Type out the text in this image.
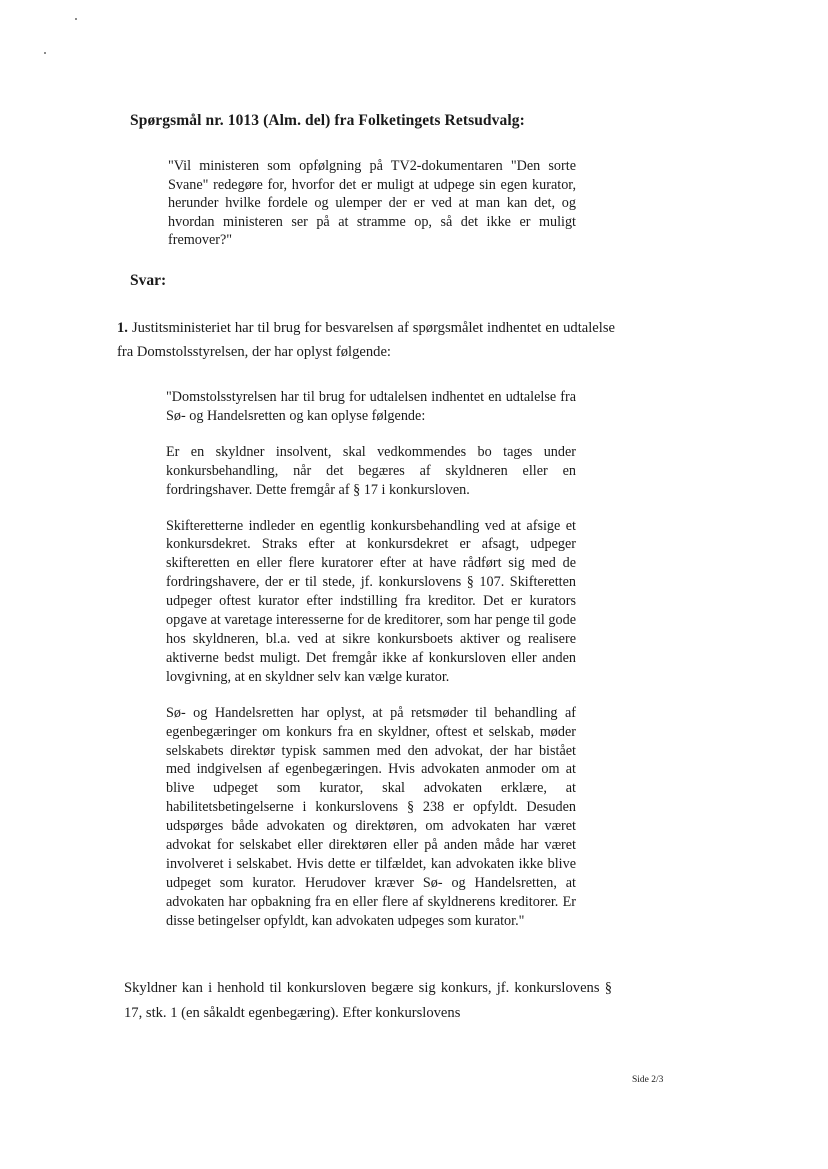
Spørgsmål nr. 1013 (Alm. del) fra Folketingets Retsudvalg:
"Vil ministeren som opfølgning på TV2-dokumentaren "Den sorte Svane" redegøre for, hvorfor det er muligt at udpege sin egen kurator, herunder hvilke fordele og ulemper der er ved at man kan det, og hvordan ministeren ser på at stramme op, så det ikke er muligt fremover?"
Svar:
1. Justitsministeriet har til brug for besvarelsen af spørgsmålet indhentet en udtalelse fra Domstolsstyrelsen, der har oplyst følgende:

"Domstolsstyrelsen har til brug for udtalelsen indhentet en udtalelse fra Sø- og Handelsretten og kan oplyse følgende:

Er en skyldner insolvent, skal vedkommendes bo tages under konkursbehandling, når det begæres af skyldneren eller en fordringshaver. Dette fremgår af § 17 i konkursloven.

Skifteretterne indleder en egentlig konkursbehandling ved at afsige et konkursdekret. Straks efter at konkursdekret er afsagt, udpeger skifteretten en eller flere kuratorer efter at have rådført sig med de fordringshavere, der er til stede, jf. konkurslovens § 107. Skifteretten udpeger oftest kurator efter indstilling fra kreditor. Det er kurators opgave at varetage interesserne for de kreditorer, som har penge til gode hos skyldneren, bl.a. ved at sikre konkursboets aktiver og realisere aktiverne bedst muligt. Det fremgår ikke af konkursloven eller anden lovgivning, at en skyldner selv kan vælge kurator.

Sø- og Handelsretten har oplyst, at på retsmøder til behandling af egenbegæringer om konkurs fra en skyldner, oftest et selskab, møder selskabets direktør typisk sammen med den advokat, der har bistået med indgivelsen af egenbegæringen. Hvis advokaten anmoder om at blive udpeget som kurator, skal advokaten erklære, at habilitetsbetingelserne i konkurslovens § 238 er opfyldt. Desuden udspørges både advokaten og direktøren, om advokaten har været advokat for selskabet eller direktøren eller på anden måde har været involveret i selskabet. Hvis dette er tilfældet, kan advokaten ikke blive udpeget som kurator. Herudover kræver Sø- og Handelsretten, at advokaten har opbakning fra en eller flere af skyldnerens kreditorer. Er disse betingelser opfyldt, kan advokaten udpeges som kurator."

Skyldner kan i henhold til konkursloven begære sig konkurs, jf. konkurslovens § 17, stk. 1 (en såkaldt egenbegæring). Efter konkurslovens
Side 2/3
